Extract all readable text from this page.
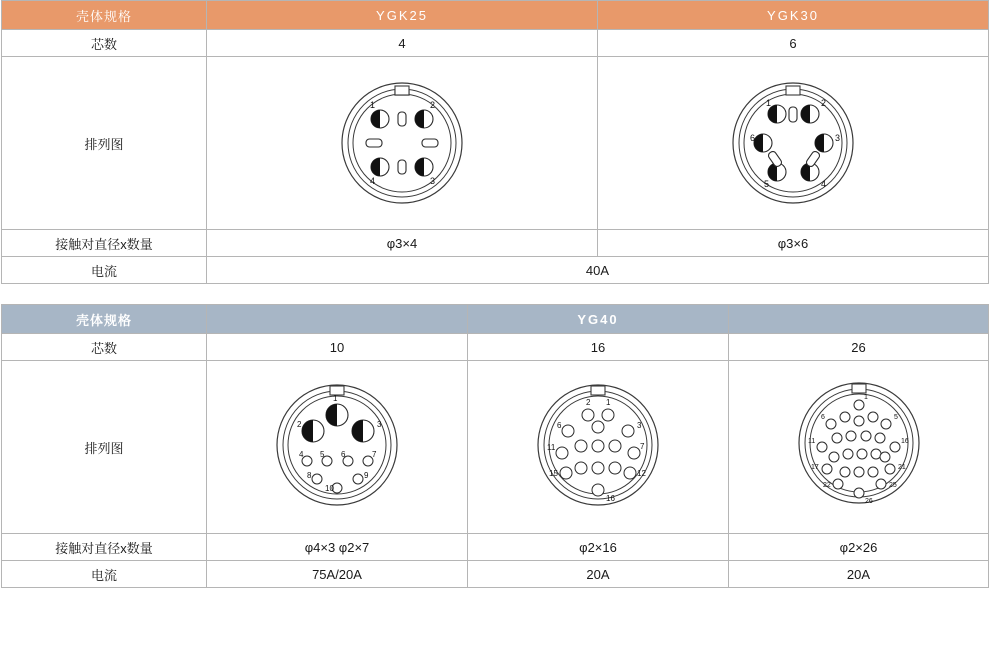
壳体规格	YGK25	YGK30
芯数	4	6
排列图	
1	2
3
4

1	2
3
4
5
6

接触对直径x数量	φ3×4	φ3×6
电流	40A	
壳体规格		YG40	
芯数	10	16	26
排列图	
1
2	3
4 5 6	7
8	9
10

1
2
3
6
7
11
12
15
16

1
5
6
11	16
17	21
22	25
26

接触对直径x数量	φ4×3 φ2×7	φ2×16	φ2×26
电流	75A/20A	20A	20A
